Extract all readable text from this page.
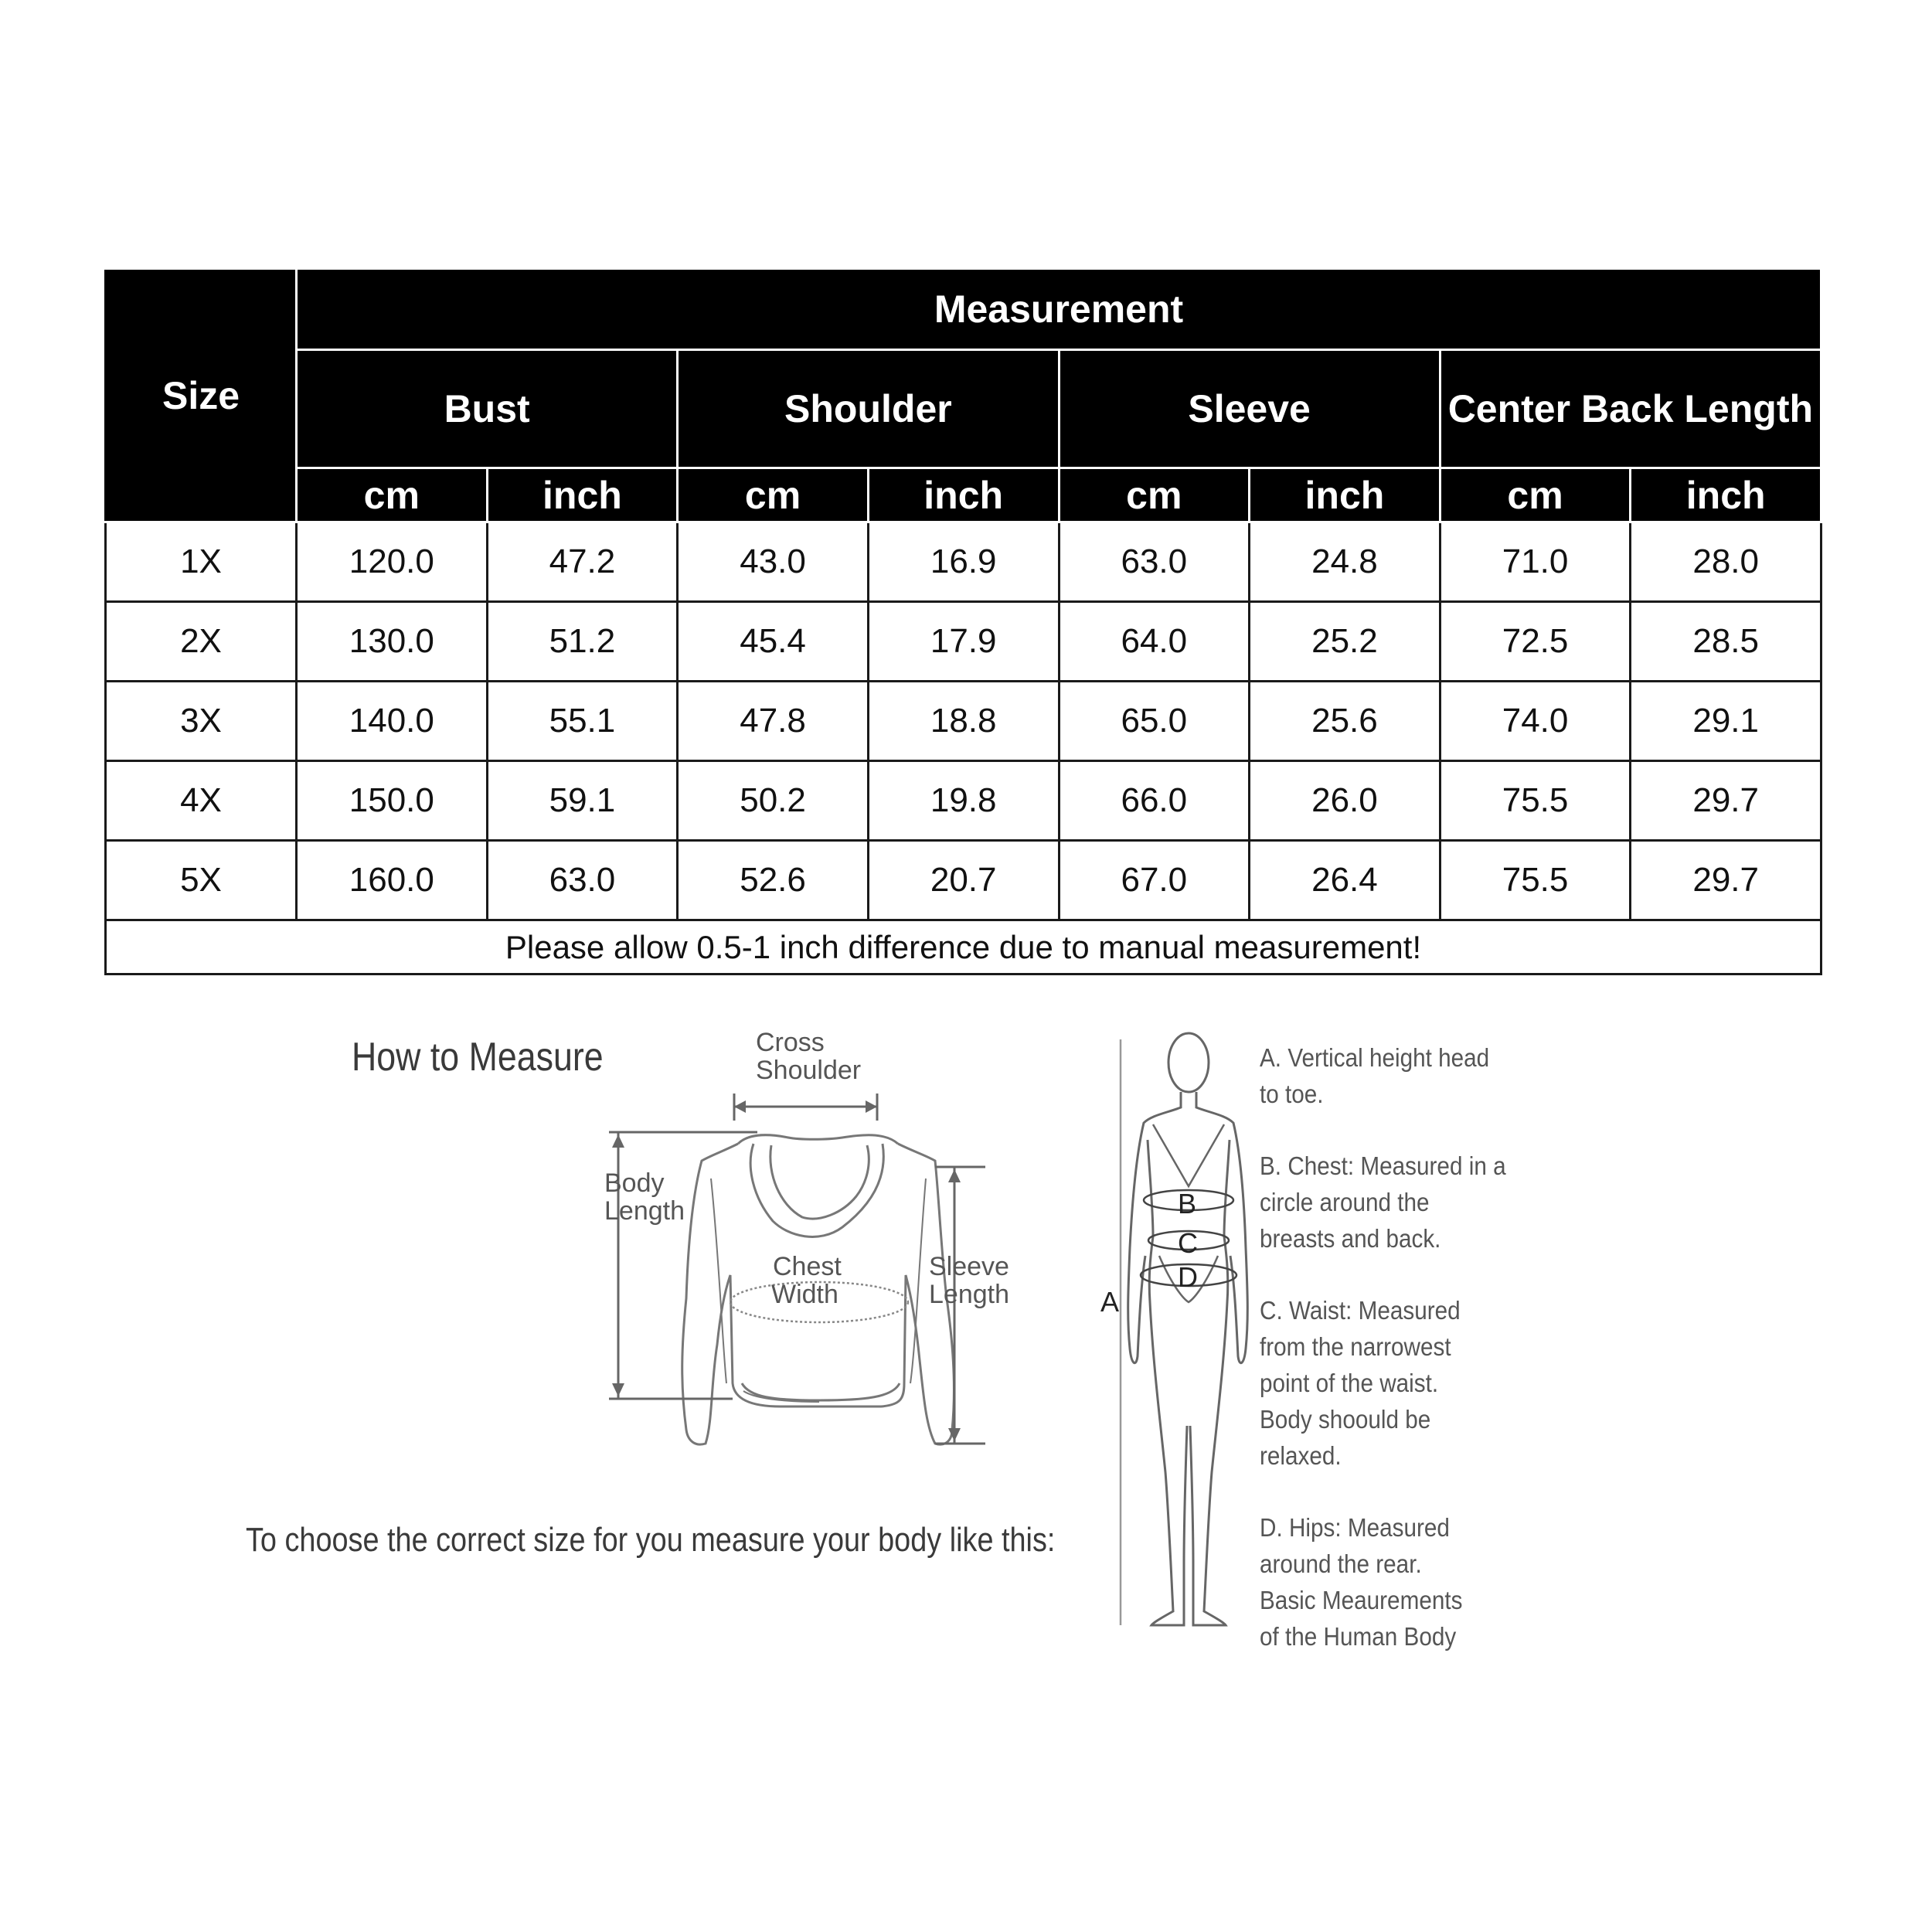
Size	Measurement							
	Bust		Shoulder		Sleeve		Center Back Length	
	cm	inch	cm	inch	cm	inch	cm	inch
1X	120.0	47.2	43.0	16.9	63.0	24.8	71.0	28.0
2X	130.0	51.2	45.4	17.9	64.0	25.2	72.5	28.5
3X	140.0	55.1	47.8	18.8	65.0	25.6	74.0	29.1
4X	150.0	59.1	50.2	19.8	66.0	26.0	75.5	29.7
5X	160.0	63.0	52.6	20.7	67.0	26.4	75.5	29.7
Please allow 0.5-1 inch difference due to manual measurement!								
How to Measure	Cross
Shoulder
Body
Length
Chest
Width
Sleeve
Length
To choose the correct size for you measure your body like this:
A
B
C
D
A. Vertical height head
to toe.
B. Chest: Measured in a
circle around the
breasts and back.
C. Waist: Measured
from the narrowest
point of the waist.
Body shoould be
relaxed.
D. Hips: Measured
around the rear.
Basic Meaurements
of the Human Body
